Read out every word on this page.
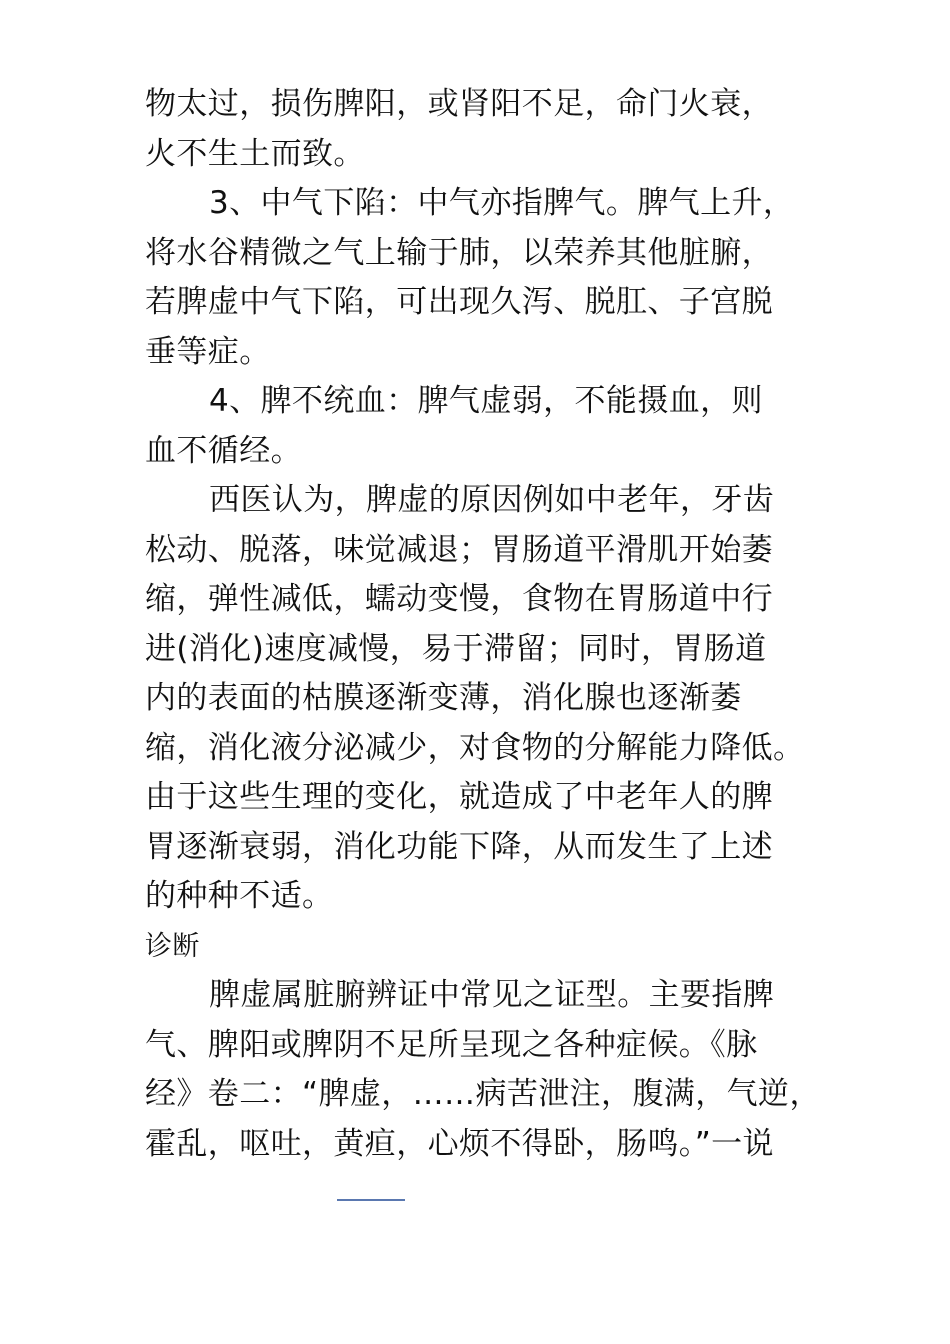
物太过，损伤脾阳，或肾阳不足，命门火衰，
火不生土而致。
3、中气下陷：中气亦指脾气。脾气上升，
将水谷精微之气上输于肺，以荣养其他脏腑，
若脾虚中气下陷，可出现久泻、脱肛、子宫脱
垂等症。
4、脾不统血：脾气虚弱，不能摄血，则
血不循经。
西医认为，脾虚的原因例如中老年，牙齿
松动、脱落，味觉减退；胃肠道平滑肌开始萎
缩，弹性减低，蠕动变慢，食物在胃肠道中行
进(消化)速度减慢，易于滞留；同时，胃肠道
内的表面的枯膜逐渐变薄，消化腺也逐渐萎
缩，消化液分泌减少，对食物的分解能力降低。
由于这些生理的变化，就造成了中老年人的脾
胃逐渐衰弱，消化功能下降，从而发生了上述
的种种不适。
诊断
脾虚属脏腑辨证中常见之证型。主要指脾
气、脾阳或脾阴不足所呈现之各种症候。《脉
经》卷二：“脾虚，……病苦泄注，腹满，气逆，
霍乱，呕吐，黄疸，心烦不得卧，肠鸣。”一说
